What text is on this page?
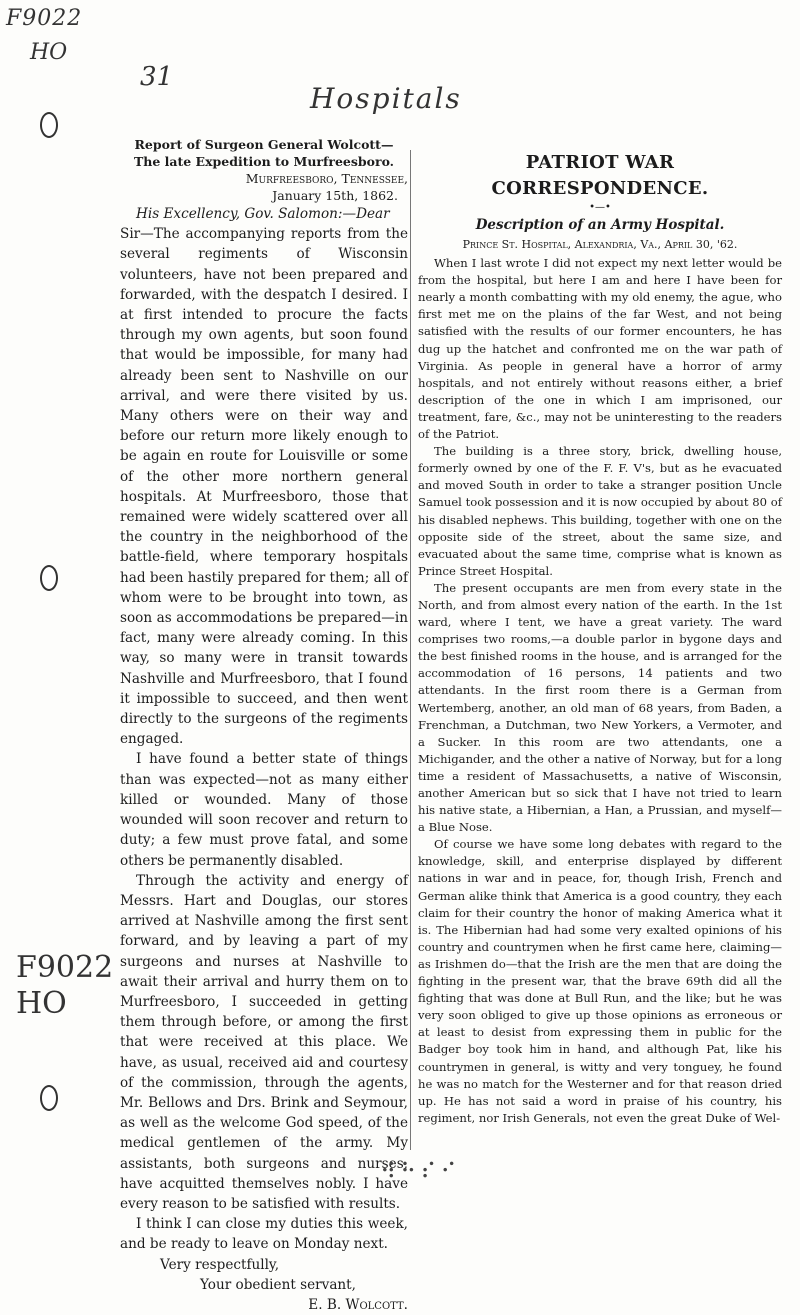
F9022
HO
31
Hospitals
F9022
HO
Report of Surgeon General Wolcott— The late Expedition to Murfreesboro.
Murfreesboro, Tennessee,
January 15th, 1862.

His Excellency, Gov. Salomon:—Dear

Sir—The accompanying reports from the several regiments of Wisconsin volunteers, have not been prepared and forwarded, with the despatch I desired. I at first intended to procure the facts through my own agents, but soon found that would be impossible, for many had already been sent to Nashville on our arrival, and were there visited by us. Many others were on their way and before our return more likely enough to be again en route for Louisville or some of the other more northern general hospitals. At Murfreesboro, those that remained were widely scattered over all the country in the neighborhood of the battle-field, where temporary hospitals had been hastily prepared for them; all of whom were to be brought into town, as soon as accommodations be prepared—in fact, many were already coming. In this way, so many were in transit towards Nashville and Murfreesboro, that I found it impossible to succeed, and then went directly to the surgeons of the regiments engaged.

I have found a better state of things than was expected—not as many either killed or wounded. Many of those wounded will soon recover and return to duty; a few must prove fatal, and some others be permanently disabled.

Through the activity and energy of Messrs. Hart and Douglas, our stores arrived at Nashville among the first sent forward, and by leaving a part of my surgeons and nurses at Nashville to await their arrival and hurry them on to Murfreesboro, I succeeded in getting them through before, or among the first that were received at this place. We have, as usual, received aid and courtesy of the commission, through the agents, Mr. Bellows and Drs. Brink and Seymour, as well as the welcome God speed, of the medical gentlemen of the army. My assistants, both surgeons and nurses, have acquitted themselves nobly. I have every reason to be satisfied with results.

I think I can close my duties this week, and be ready to leave on Monday next.

Very respectfully,
Your obedient servant,
E. B. Wolcott.
PATRIOT WAR CORRESPONDENCE.
•—•
Description of an Army Hospital.
Prince St. Hospital, Alexandria, Va., April 30, '62.

When I last wrote I did not expect my next letter would be from the hospital, but here I am and here I have been for nearly a month combatting with my old enemy, the ague, who first met me on the plains of the far West, and not being satisfied with the results of our former encounters, he has dug up the hatchet and confronted me on the war path of Virginia. As people in general have a horror of army hospitals, and not entirely without reasons either, a brief description of the one in which I am imprisoned, our treatment, fare, &c., may not be uninteresting to the readers of the Patriot.

The building is a three story, brick, dwelling house, formerly owned by one of the F. F. V's, but as he evacuated and moved South in order to take a stranger position Uncle Samuel took possession and it is now occupied by about 80 of his disabled nephews. This building, together with one on the opposite side of the street, about the same size, and evacuated about the same time, comprise what is known as Prince Street Hospital.

The present occupants are men from every state in the North, and from almost every nation of the earth. In the 1st ward, where I tent, we have a great variety. The ward comprises two rooms,—a double parlor in bygone days and the best finished rooms in the house, and is arranged for the accommodation of 16 persons, 14 patients and two attendants. In the first room there is a German from Wertemberg, another, an old man of 68 years, from Baden, a Frenchman, a Dutchman, two New Yorkers, a Vermoter, and a Sucker. In this room are two attendants, one a Michigander, and the other a native of Norway, but for a long time a resident of Massachusetts, a native of Wisconsin, another American but so sick that I have not tried to learn his native state, a Hibernian, a Han, a Prussian, and myself—a Blue Nose.

Of course we have some long debates with regard to the knowledge, skill, and enterprise displayed by different nations in war and in peace, for, though Irish, French and German alike think that America is a good country, they each claim for their country the honor of making America what it is. The Hibernian had had some very exalted opinions of his country and countrymen when he first came here, claiming—as Irishmen do—that the Irish are the men that are doing the fighting in the present war, that the brave 69th did all the fighting that was done at Bull Run, and the like; but he was very soon obliged to give up those opinions as erroneous or at least to desist from expressing them in public for the Badger boy took him in hand, and although Pat, like his countrymen in general, is witty and very tonguey, he found he was no match for the Westerner and for that reason dried up. He has not said a word in praise of his country, his regiment, nor Irish Generals, not even the great Duke of Wel-

⠺⠓⠎⠊
